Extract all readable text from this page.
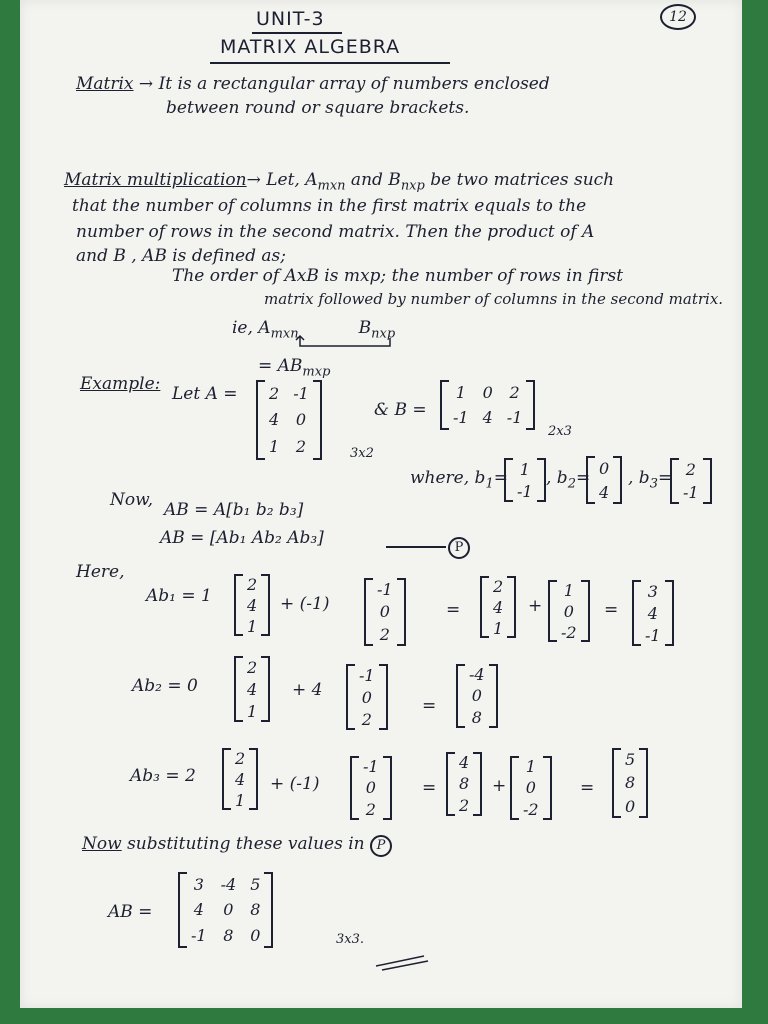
12
UNIT-3
MATRIX ALGEBRA
Matrix → It is a rectangular array of numbers enclosed
between round or square brackets.
Matrix multiplication→ Let, $A_{mxn}$ and $B_{nxp}$ be two matrices such
that the number of columns in the first matrix equals to the
number of rows in the second matrix. Then the product of A
and B , AB is defined as;
The order of AxB is mxp; the number of rows in first
matrix followed by number of columns in the second matrix.
ie, $A_{mxn}$	$B_{nxp}$
= $AB_{mxp}$
Example: Let A = 2 -1
4 0
1 2	3x2
& B =
1 0 2
-1 4 -1
2x3
where, $b_1= 1$
-1
, $b_2= 0$
4
, $b_3= 2$
-1
Now, AB = A[b₁ b₂ b₃]
AB = [Ab₁ Ab₂ Ab₃]	P
Here,
Ab₁ = 1
2
4
1
+ (-1)
-1
0
2
=
2
4
1
+
1
0
-2
=
3
4
-1
Ab₂ = 0
2
4
1
+ 4
-1
0
2
=
-4
0
8
Ab₃ = 2
2
4
1
+ (-1)
-1
0
2
=
4
8
2
+
1
0
-2
=
5
8
0
Now substituting these values in P
AB =
3 -4 5
4 0 8
-1 8 0	3x3.
